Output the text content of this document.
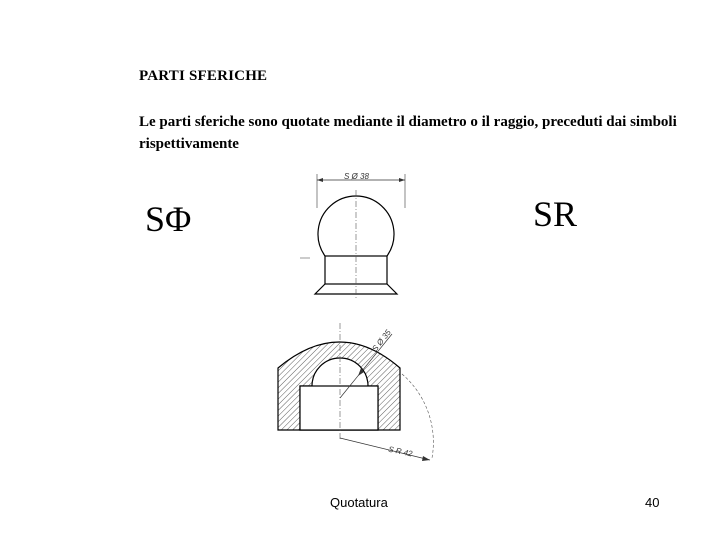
PARTI SFERICHE
Le parti sferiche sono quotate mediante il diametro o il raggio, preceduti dai simboli rispettivamente
SΦ	SR
S Ø 38
S Ø 35
S R 42
Quotatura	40
